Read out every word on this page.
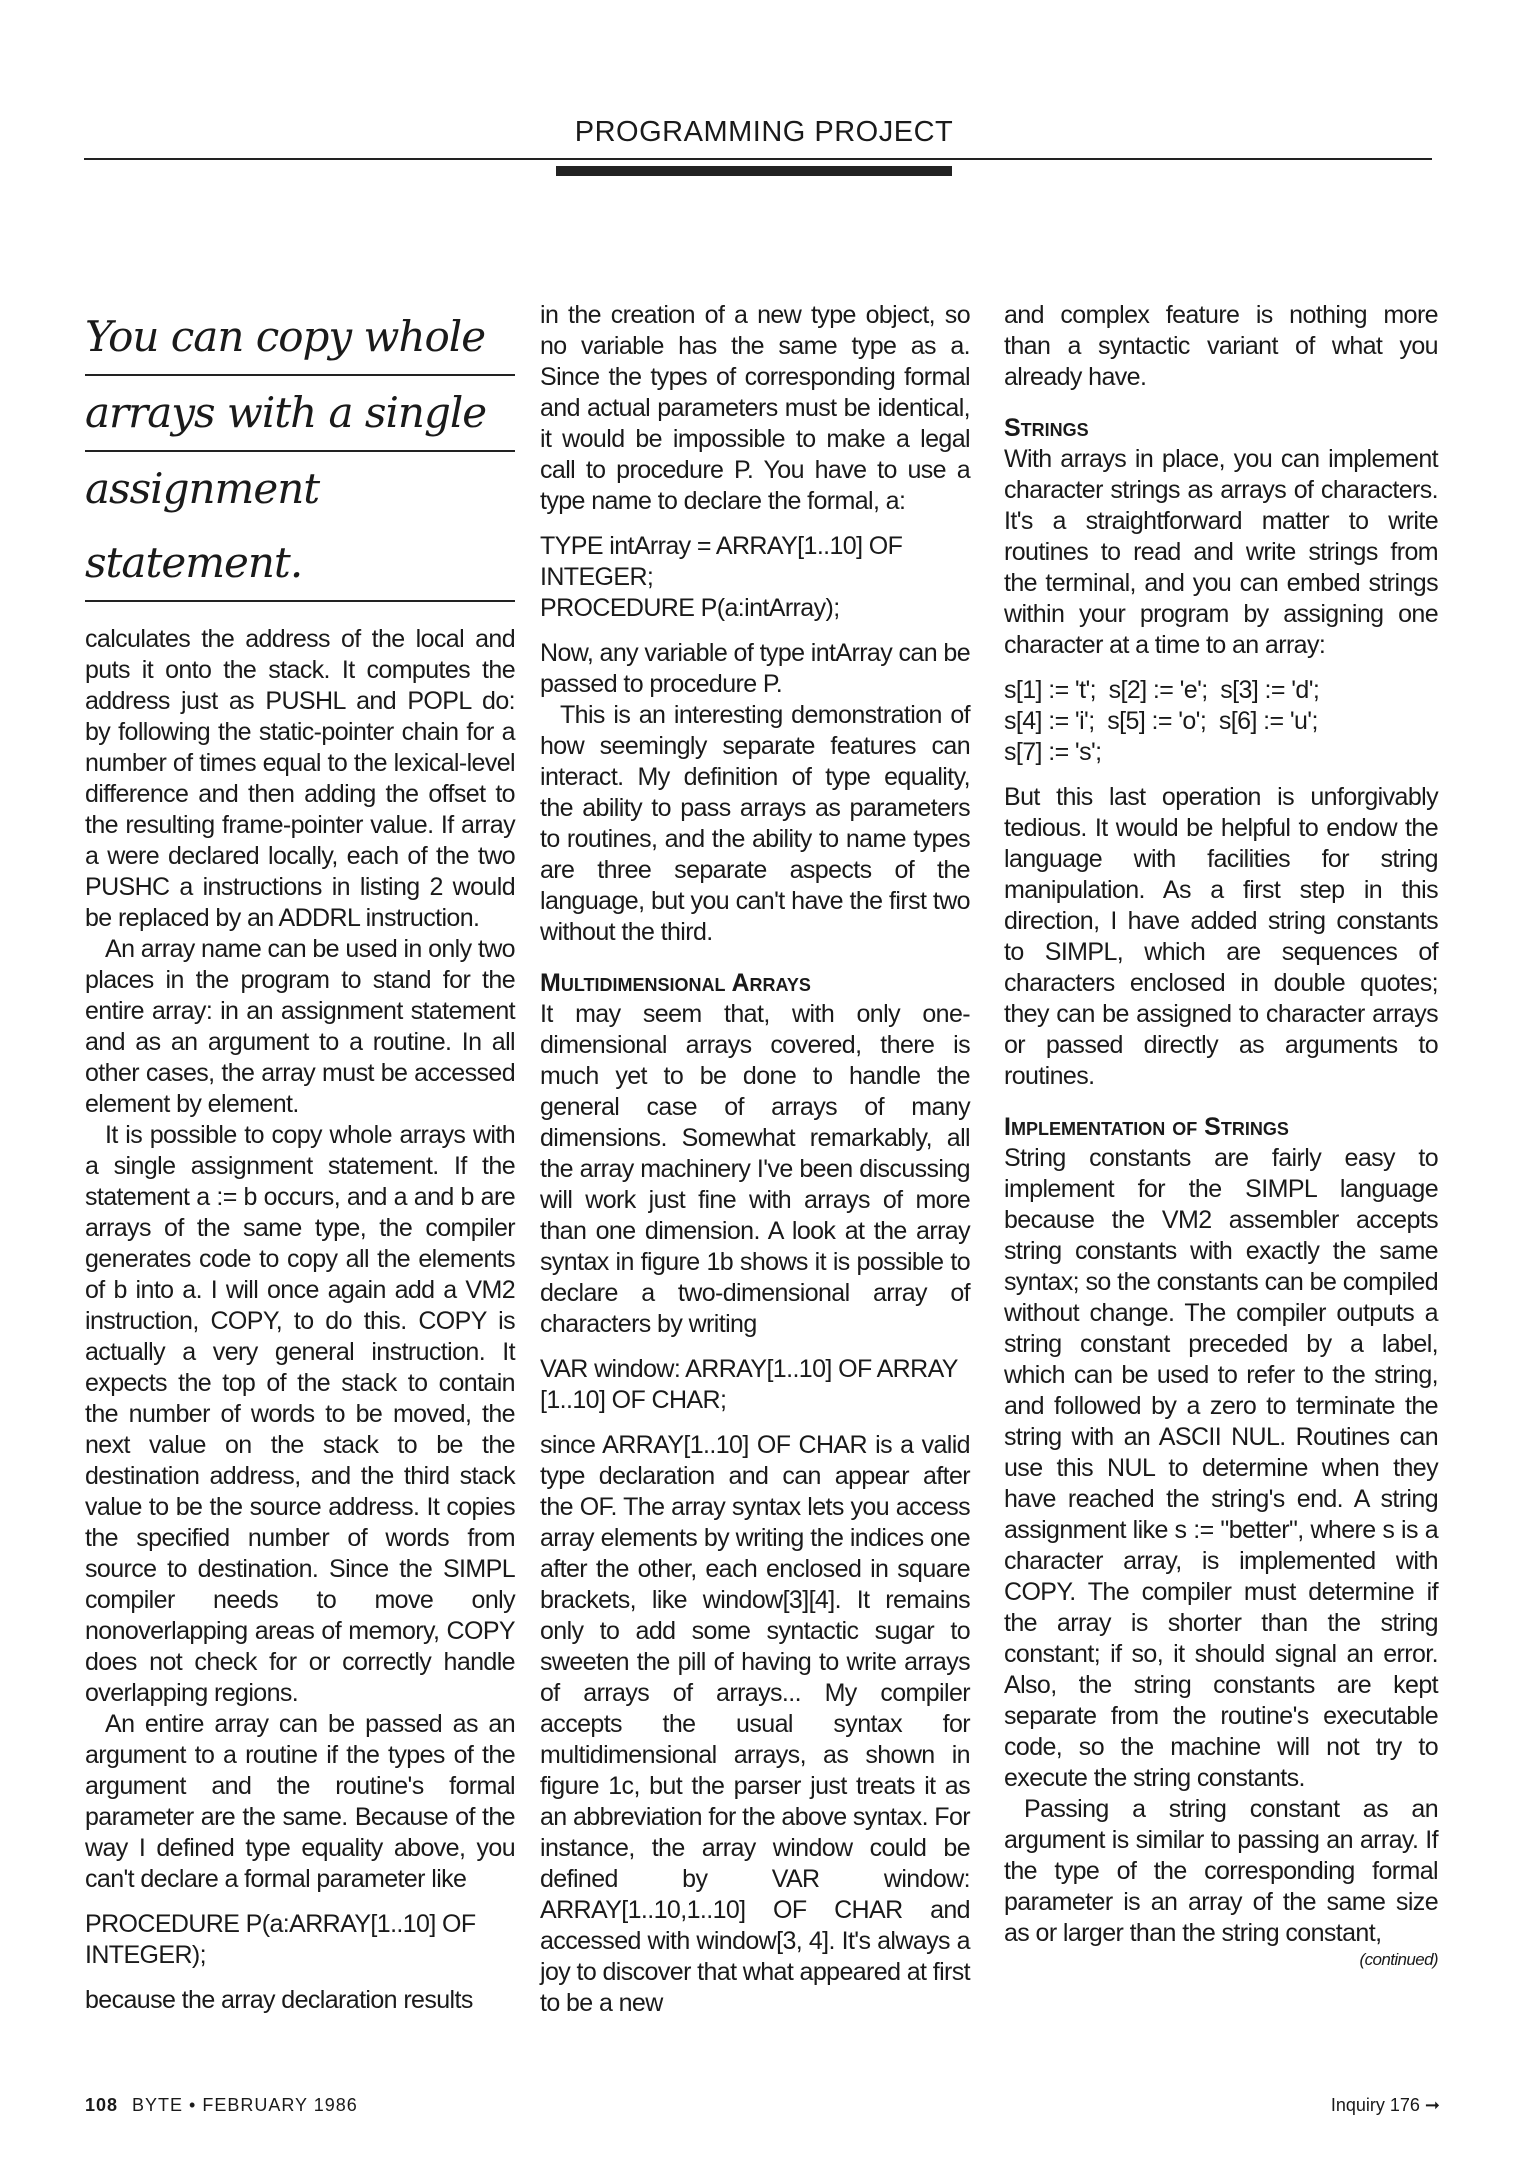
PROGRAMMING PROJECT
You can copy whole
arrays with a single
assignment statement.

calculates the address of the local and puts it onto the stack. It computes the address just as PUSHL and POPL do: by following the static-pointer chain for a number of times equal to the lexical-level difference and then adding the offset to the resulting frame-pointer value. If array a were declared locally, each of the two PUSHC a instructions in listing 2 would be replaced by an ADDRL instruction.

An array name can be used in only two places in the program to stand for the entire array: in an assignment statement and as an argument to a routine. In all other cases, the array must be accessed element by element.

It is possible to copy whole arrays with a single assignment statement. If the statement a := b occurs, and a and b are arrays of the same type, the compiler generates code to copy all the elements of b into a. I will once again add a VM2 instruction, COPY, to do this. COPY is actually a very general instruction. It expects the top of the stack to contain the number of words to be moved, the next value on the stack to be the destination address, and the third stack value to be the source address. It copies the specified number of words from source to destination. Since the SIMPL compiler needs to move only nonoverlapping areas of memory, COPY does not check for or correctly handle overlapping regions.

An entire array can be passed as an argument to a routine if the types of the argument and the routine's formal parameter are the same. Because of the way I defined type equality above, you can't declare a formal parameter like

PROCEDURE P(a:ARRAY[1..10] OF INTEGER);

because the array declaration results

in the creation of a new type object, so no variable has the same type as a. Since the types of corresponding formal and actual parameters must be identical, it would be impossible to make a legal call to procedure P. You have to use a type name to declare the formal, a:

TYPE intArray = ARRAY[1..10] OF INTEGER;
PROCEDURE P(a:intArray);

Now, any variable of type intArray can be passed to procedure P.

This is an interesting demonstration of how seemingly separate features can interact. My definition of type equality, the ability to pass arrays as parameters to routines, and the ability to name types are three separate aspects of the language, but you can't have the first two without the third.

Multidimensional Arrays

It may seem that, with only one-dimensional arrays covered, there is much yet to be done to handle the general case of arrays of many dimensions. Somewhat remarkably, all the array machinery I've been discussing will work just fine with arrays of more than one dimension. A look at the array syntax in figure 1b shows it is possible to declare a two-dimensional array of characters by writing

VAR window: ARRAY[1..10] OF ARRAY [1..10] OF CHAR;

since ARRAY[1..10] OF CHAR is a valid type declaration and can appear after the OF. The array syntax lets you access array elements by writing the indices one after the other, each enclosed in square brackets, like window[3][4]. It remains only to add some syntactic sugar to sweeten the pill of having to write arrays of arrays of arrays... My compiler accepts the usual syntax for multidimensional arrays, as shown in figure 1c, but the parser just treats it as an abbreviation for the above syntax. For instance, the array window could be defined by VAR window: ARRAY[1..10,1..10] OF CHAR and accessed with window[3, 4]. It's always a joy to discover that what appeared at first to be a new

and complex feature is nothing more than a syntactic variant of what you already have.

Strings

With arrays in place, you can implement character strings as arrays of characters. It's a straightforward matter to write routines to read and write strings from the terminal, and you can embed strings within your program by assigning one character at a time to an array:

s[1] := 't';  s[2] := 'e';  s[3] := 'd';
s[4] := 'i';  s[5] := 'o';  s[6] := 'u';
s[7] := 's';

But this last operation is unforgivably tedious. It would be helpful to endow the language with facilities for string manipulation. As a first step in this direction, I have added string constants to SIMPL, which are sequences of characters enclosed in double quotes; they can be assigned to character arrays or passed directly as arguments to routines.

Implementation of Strings

String constants are fairly easy to implement for the SIMPL language because the VM2 assembler accepts string constants with exactly the same syntax; so the constants can be compiled without change. The compiler outputs a string constant preceded by a label, which can be used to refer to the string, and followed by a zero to terminate the string with an ASCII NUL. Routines can use this NUL to determine when they have reached the string's end. A string assignment like s := "better", where s is a character array, is implemented with COPY. The compiler must determine if the array is shorter than the string constant; if so, it should signal an error. Also, the string constants are kept separate from the routine's executable code, so the machine will not try to execute the string constants.

Passing a string constant as an argument is similar to passing an array. If the type of the corresponding formal parameter is an array of the same size as or larger than the string constant,

(continued)
108 BYTE • FEBRUARY 1986	Inquiry 176 ➞
